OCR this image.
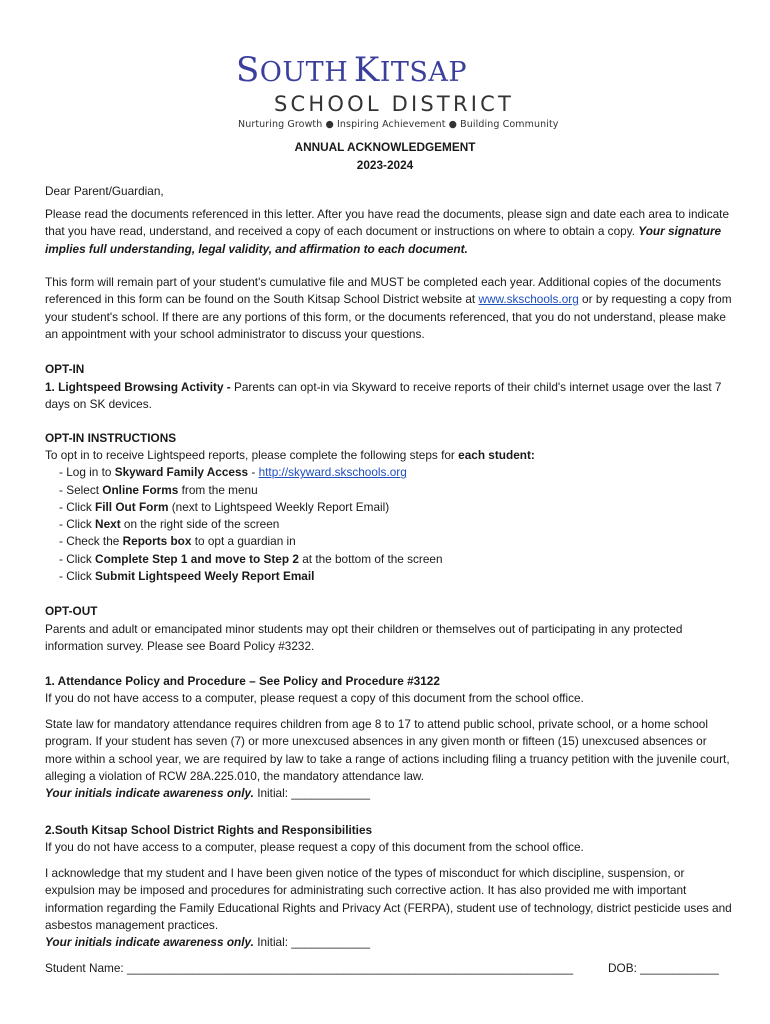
SOUTH KITSAP
SCHOOL DISTRICT
Nurturing Growth ● Inspiring Achievement ● Building Community
ANNUAL ACKNOWLEDGEMENT
2023-2024
Dear Parent/Guardian,
Please read the documents referenced in this letter. After you have read the documents, please sign and date each area to indicate that you have read, understand, and received a copy of each document or instructions on where to obtain a copy. Your signature implies full understanding, legal validity, and affirmation to each document.
This form will remain part of your student's cumulative file and MUST be completed each year. Additional copies of the documents referenced in this form can be found on the South Kitsap School District website at www.skschools.org or by requesting a copy from your student's school. If there are any portions of this form, or the documents referenced, that you do not understand, please make an appointment with your school administrator to discuss your questions.
OPT-IN
1. Lightspeed Browsing Activity - Parents can opt-in via Skyward to receive reports of their child's internet usage over the last 7 days on SK devices.
OPT-IN INSTRUCTIONS
To opt in to receive Lightspeed reports, please complete the following steps for each student:
- Log in to Skyward Family Access - http://skyward.skschools.org
- Select Online Forms from the menu
- Click Fill Out Form (next to Lightspeed Weekly Report Email)
- Click Next on the right side of the screen
- Check the Reports box to opt a guardian in
- Click Complete Step 1 and move to Step 2 at the bottom of the screen
- Click Submit Lightspeed Weely Report Email
OPT-OUT
Parents and adult or emancipated minor students may opt their children or themselves out of participating in any protected information survey. Please see Board Policy #3232.
1. Attendance Policy and Procedure – See Policy and Procedure #3122
If you do not have access to a computer, please request a copy of this document from the school office.
State law for mandatory attendance requires children from age 8 to 17 to attend public school, private school, or a home school program. If your student has seven (7) or more unexcused absences in any given month or fifteen (15) unexcused absences or more within a school year, we are required by law to take a range of actions including filing a truancy petition with the juvenile court, alleging a violation of RCW 28A.225.010, the mandatory attendance law.
Your initials indicate awareness only. Initial: ____________
2.South Kitsap School District Rights and Responsibilities
If you do not have access to a computer, please request a copy of this document from the school office.
I acknowledge that my student and I have been given notice of the types of misconduct for which discipline, suspension, or expulsion may be imposed and procedures for administrating such corrective action. It has also provided me with important information regarding the Family Educational Rights and Privacy Act (FERPA), student use of technology, district pesticide uses and asbestos management practices.
Your initials indicate awareness only. Initial: ____________
Student Name: ____________________________________________________________________	DOB: ____________
